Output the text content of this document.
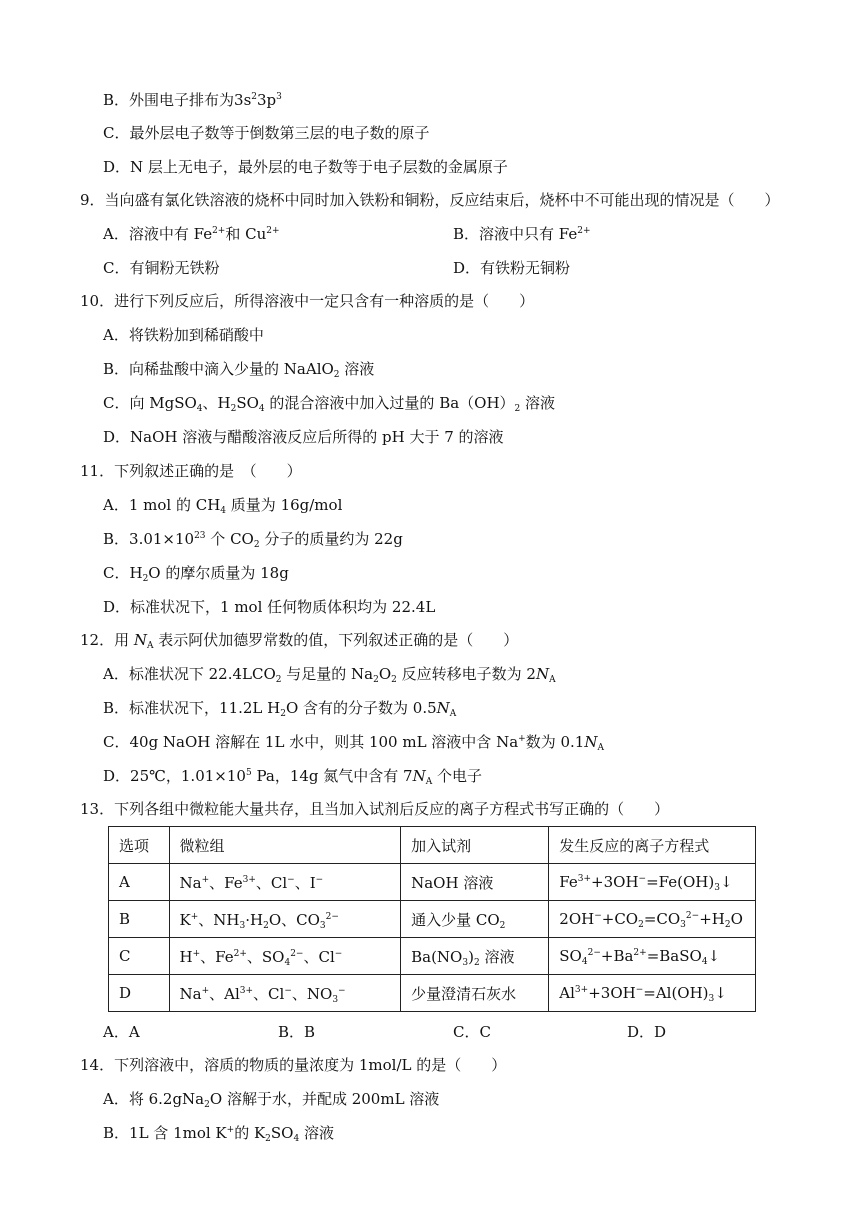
B．外围电子排布为$3s^23p^3$
C．最外层电子数等于倒数第三层的电子数的原子
D．N 层上无电子，最外层的电子数等于电子层数的金属原子
9．当向盛有氯化铁溶液的烧杯中同时加入铁粉和铜粉，反应结束后，烧杯中不可能出现的情况是（　　）
A．溶液中有 $Fe^{2+}$和 $Cu^{2+}$	B．溶液中只有 $Fe^{2+}$
C．有铜粉无铁粉	D．有铁粉无铜粉
10．进行下列反应后，所得溶液中一定只含有一种溶质的是（　　）
A．将铁粉加到稀硝酸中
B．向稀盐酸中滴入少量的 NaAlO$_2$ 溶液
C．向 MgSO$_4$、$H_2SO_4$ 的混合溶液中加入过量的 $Ba(OH)_2$ 溶液
D．NaOH 溶液与醋酸溶液反应后所得的 pH 大于 7 的溶液
11．下列叙述正确的是　（　　）
A．1 mol 的 $CH_4$ 质量为 16g/mol
B．$3.01\times 10^{23}$ 个 $CO_2$ 分子的质量约为 22g
C．$H_2O$ 的摩尔质量为 18g
D．标准状况下，1 mol 任何物质体积均为 22.4L
12．用 $N_A$ 表示阿伏加德罗常数的值，下列叙述正确的是（　　）
A．标准状况下 $22.4LCO_2$ 与足量的 $Na_2O_2$ 反应转移电子数为 $2N_A$
B．标准状况下，11.2L $H_2O$ 含有的分子数为 $0.5N_A$
C．40g NaOH 溶解在 1L 水中，则其 100 mL 溶液中含 Na+数为 $0.1N_A$
D．25℃，$1.01\times 10^5$ Pa，14g 氮气中含有 $7N_A$ 个电子
13．下列各组中微粒能大量共存，且当加入试剂后反应的离子方程式书写正确的（　　）
选项	微粒组	加入试剂	发生反应的离子方程式
A	Na+、$Fe^{3+}$、Cl−、I−	NaOH 溶液	$Fe^{3+}+3OH^-=Fe(OH)_3↓$
B	K+、$NH_3\cdot H_2O$、$CO_3^{2-}$	通入少量 $CO_2$	$2OH^-+CO_2=CO_3^{2-}+H_2O$
C	H+、$Fe^{2+}$、$SO_4^{2-}$、Cl−	$Ba(NO_3)_2$ 溶液	$SO_4^{2-}+Ba^{2+}=BaSO_4↓$
D	Na+、$Al^{3+}$、Cl−、$NO_3^-$	少量澄清石灰水	$Al^{3+}+3OH^-=Al(OH)_3↓$
A．A	B．B	C．C	D．D
14．下列溶液中，溶质的物质的量浓度为 1mol/L 的是（　　）
A．将 6.2gNa$_2$O 溶解于水，并配成 200mL 溶液
B．1L 含 1mol K+的 $K_2SO_4$ 溶液
